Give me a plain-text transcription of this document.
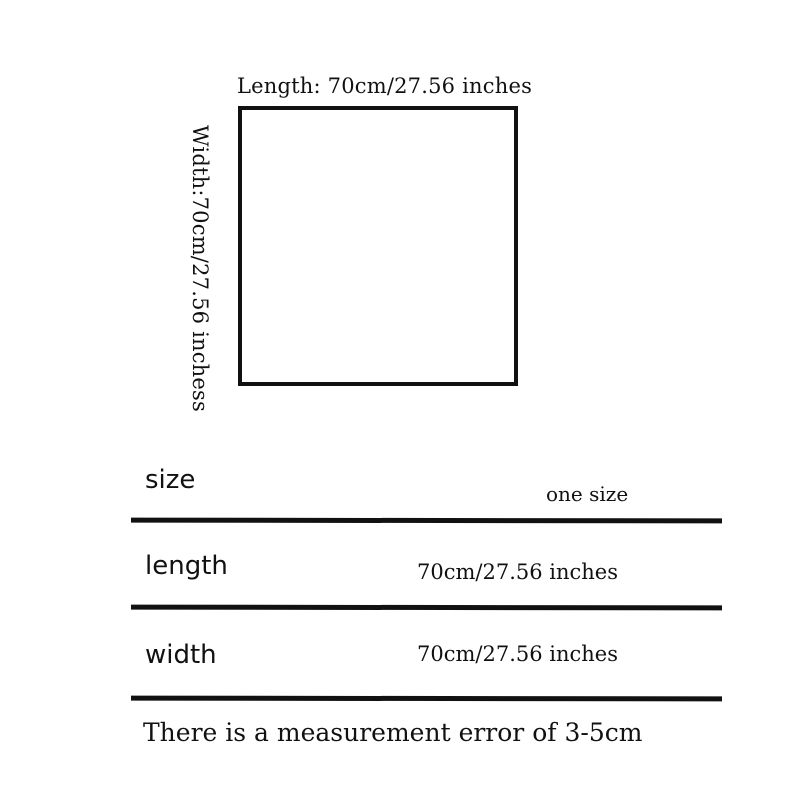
Length: 70cm/27.56 inches
Width:70cm/27.56 inchess
size	one size
length	70cm/27.56 inches
width	70cm/27.56 inches
There is a measurement error of 3-5cm
